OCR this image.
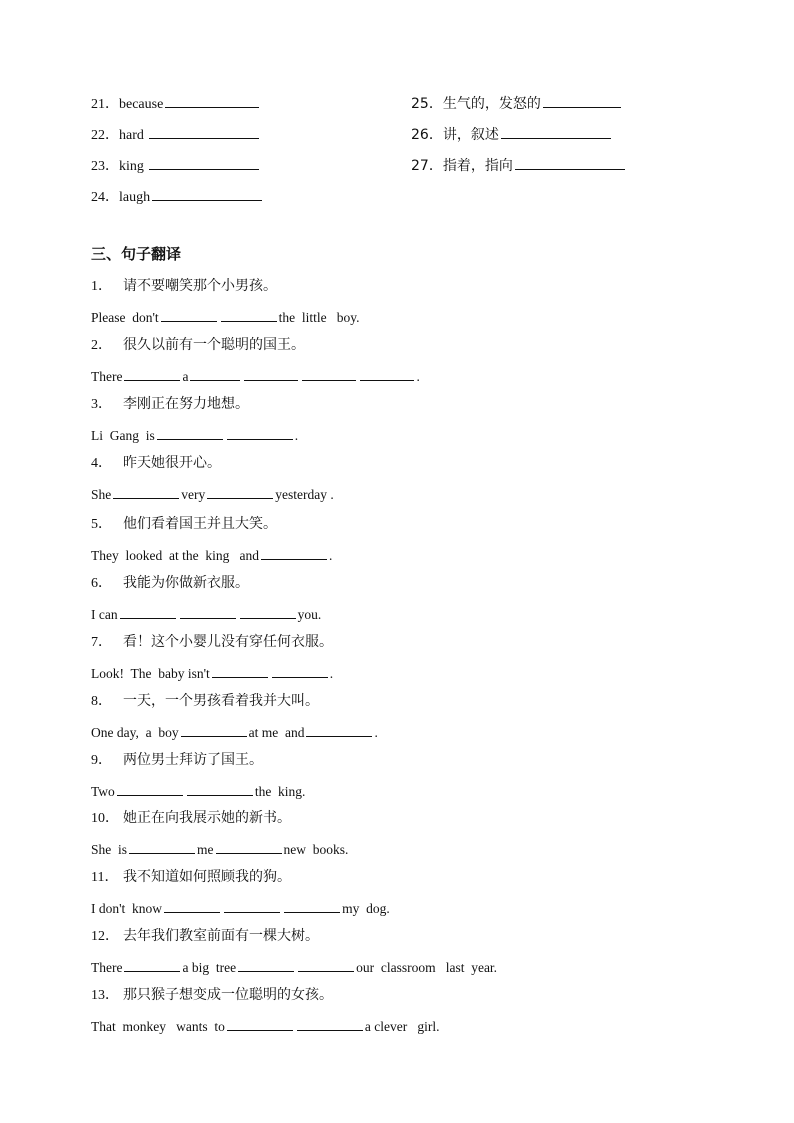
21．because
22．hard
23．king
24．laugh
25．生气的，发怒的
26．讲，叙述
27．指着，指向
三、句子翻译
1． 请不要嘲笑那个小男孩。
Please  don't	the  little   boy.
2． 很久以前有一个聪明的国王。
There	a	.
3． 李刚正在努力地想。
Li  Gang  is	.
4． 昨天她很开心。
She	very	yesterday .
5． 他们看着国王并且大笑。
They  looked  at the  king   and	.
6． 我能为你做新衣服。
I can	you.
7． 看！这个小婴儿没有穿任何衣服。
Look!  The  baby isn't	.
8． 一天，一个男孩看着我并大叫。
One day,  a  boy	at me  and	.
9． 两位男士拜访了国王。
Two	the  king.
10． 她正在向我展示她的新书。
She  is	me	new  books.
11． 我不知道如何照顾我的狗。
I don't  know	my  dog.
12． 去年我们教室前面有一棵大树。
There	a big  tree	our  classroom   last  year.
13． 那只猴子想变成一位聪明的女孩。
That  monkey   wants  to	a clever   girl.
